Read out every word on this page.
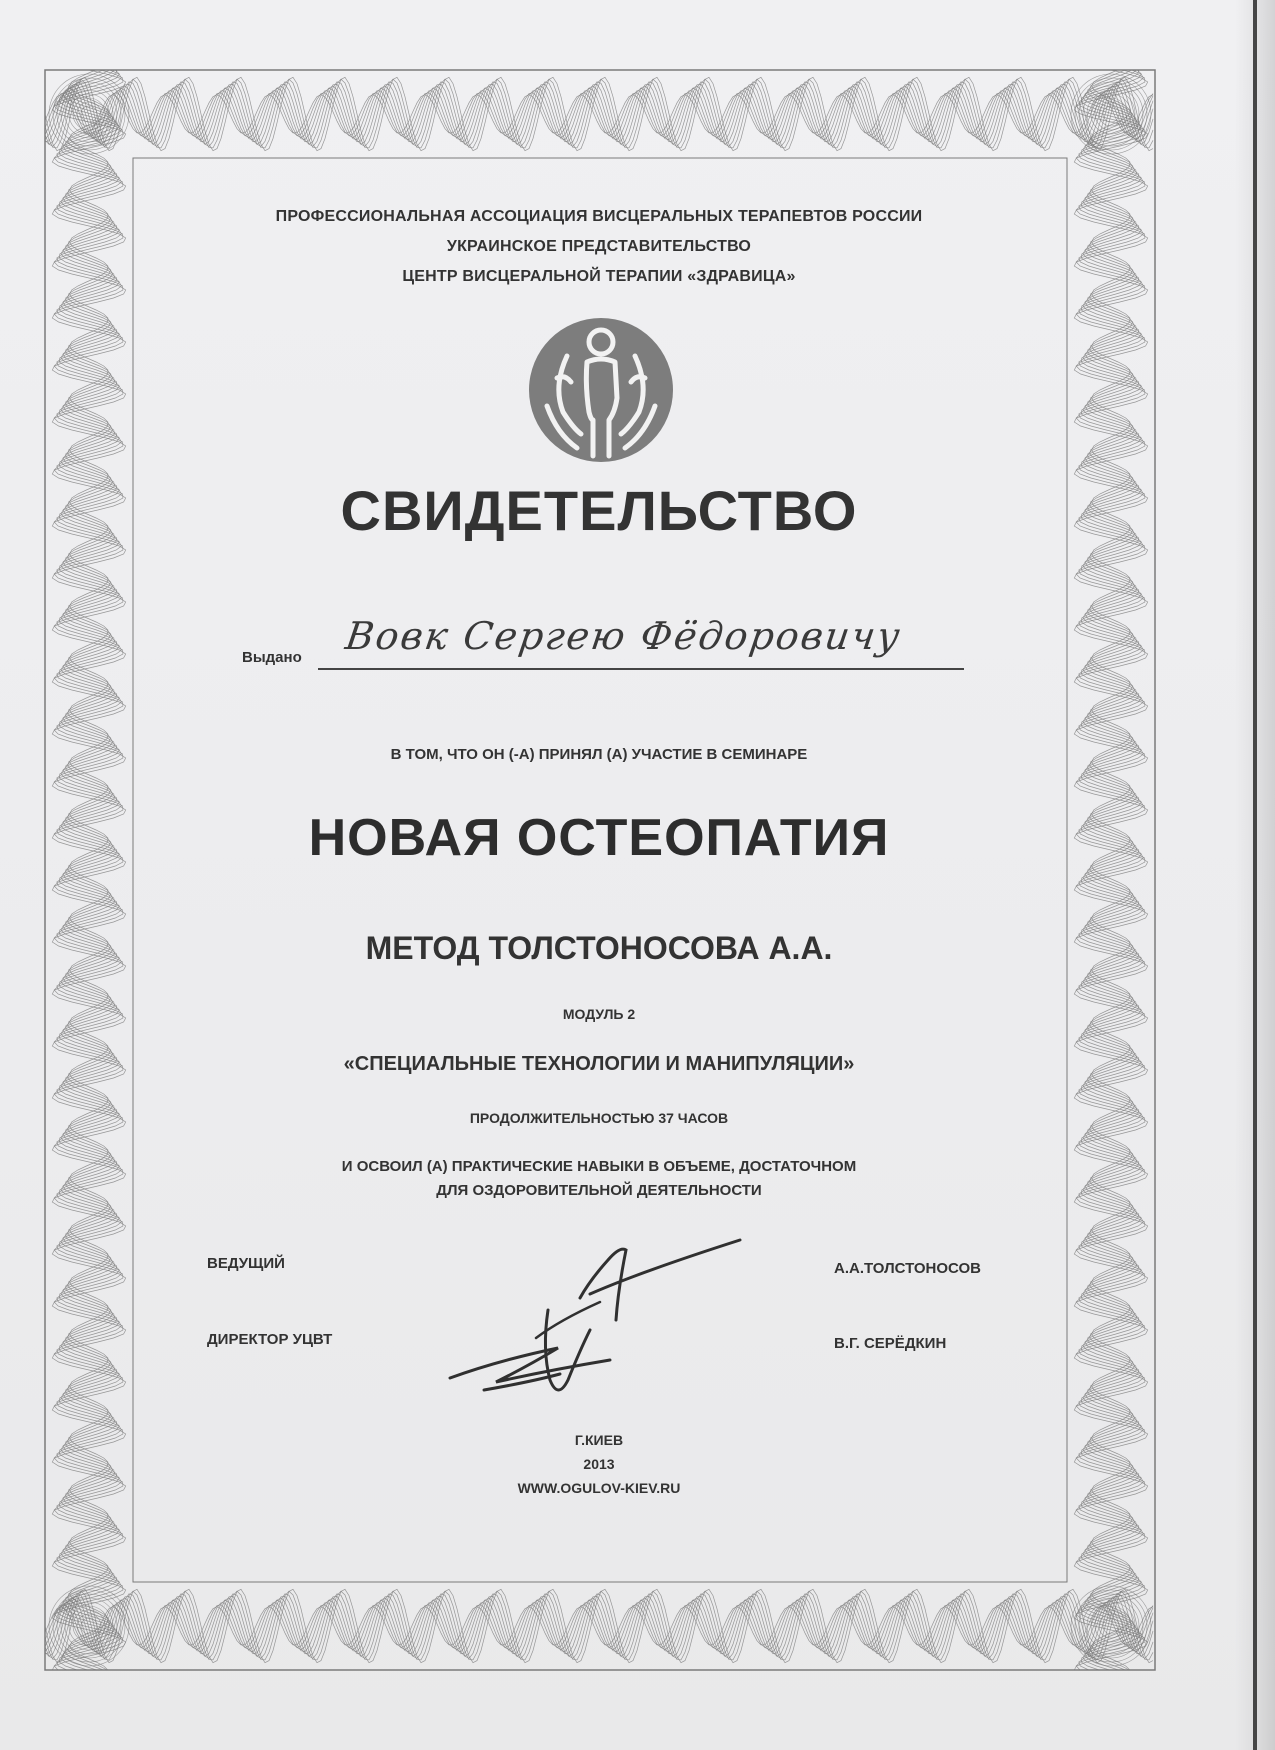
ПРОФЕССИОНАЛЬНАЯ АССОЦИАЦИЯ ВИСЦЕРАЛЬНЫХ ТЕРАПЕВТОВ РОССИИ
УКРАИНСКОЕ ПРЕДСТАВИТЕЛЬСТВО
ЦЕНТР ВИСЦЕРАЛЬНОЙ ТЕРАПИИ «ЗДРАВИЦА»
СВИДЕТЕЛЬСТВО
Выдано Вовк Сергею Фёдоровичу
В ТОМ, ЧТО ОН (-А) ПРИНЯЛ (А) УЧАСТИЕ В СЕМИНАРЕ
НОВАЯ ОСТЕОПАТИЯ
МЕТОД ТОЛСТОНОСОВА А.А.
МОДУЛЬ 2
«СПЕЦИАЛЬНЫЕ ТЕХНОЛОГИИ И МАНИПУЛЯЦИИ»
ПРОДОЛЖИТЕЛЬНОСТЬЮ 37 ЧАСОВ
И ОСВОИЛ (А) ПРАКТИЧЕСКИЕ НАВЫКИ В ОБЪЕМЕ, ДОСТАТОЧНОМ
ДЛЯ ОЗДОРОВИТЕЛЬНОЙ ДЕЯТЕЛЬНОСТИ
ВЕДУЩИЙ	А.А.ТОЛСТОНОСОВ
ДИРЕКТОР УЦВТ	В.Г. СЕРЁДКИН
Г.КИЕВ
2013
WWW.OGULOV-KIEV.RU
